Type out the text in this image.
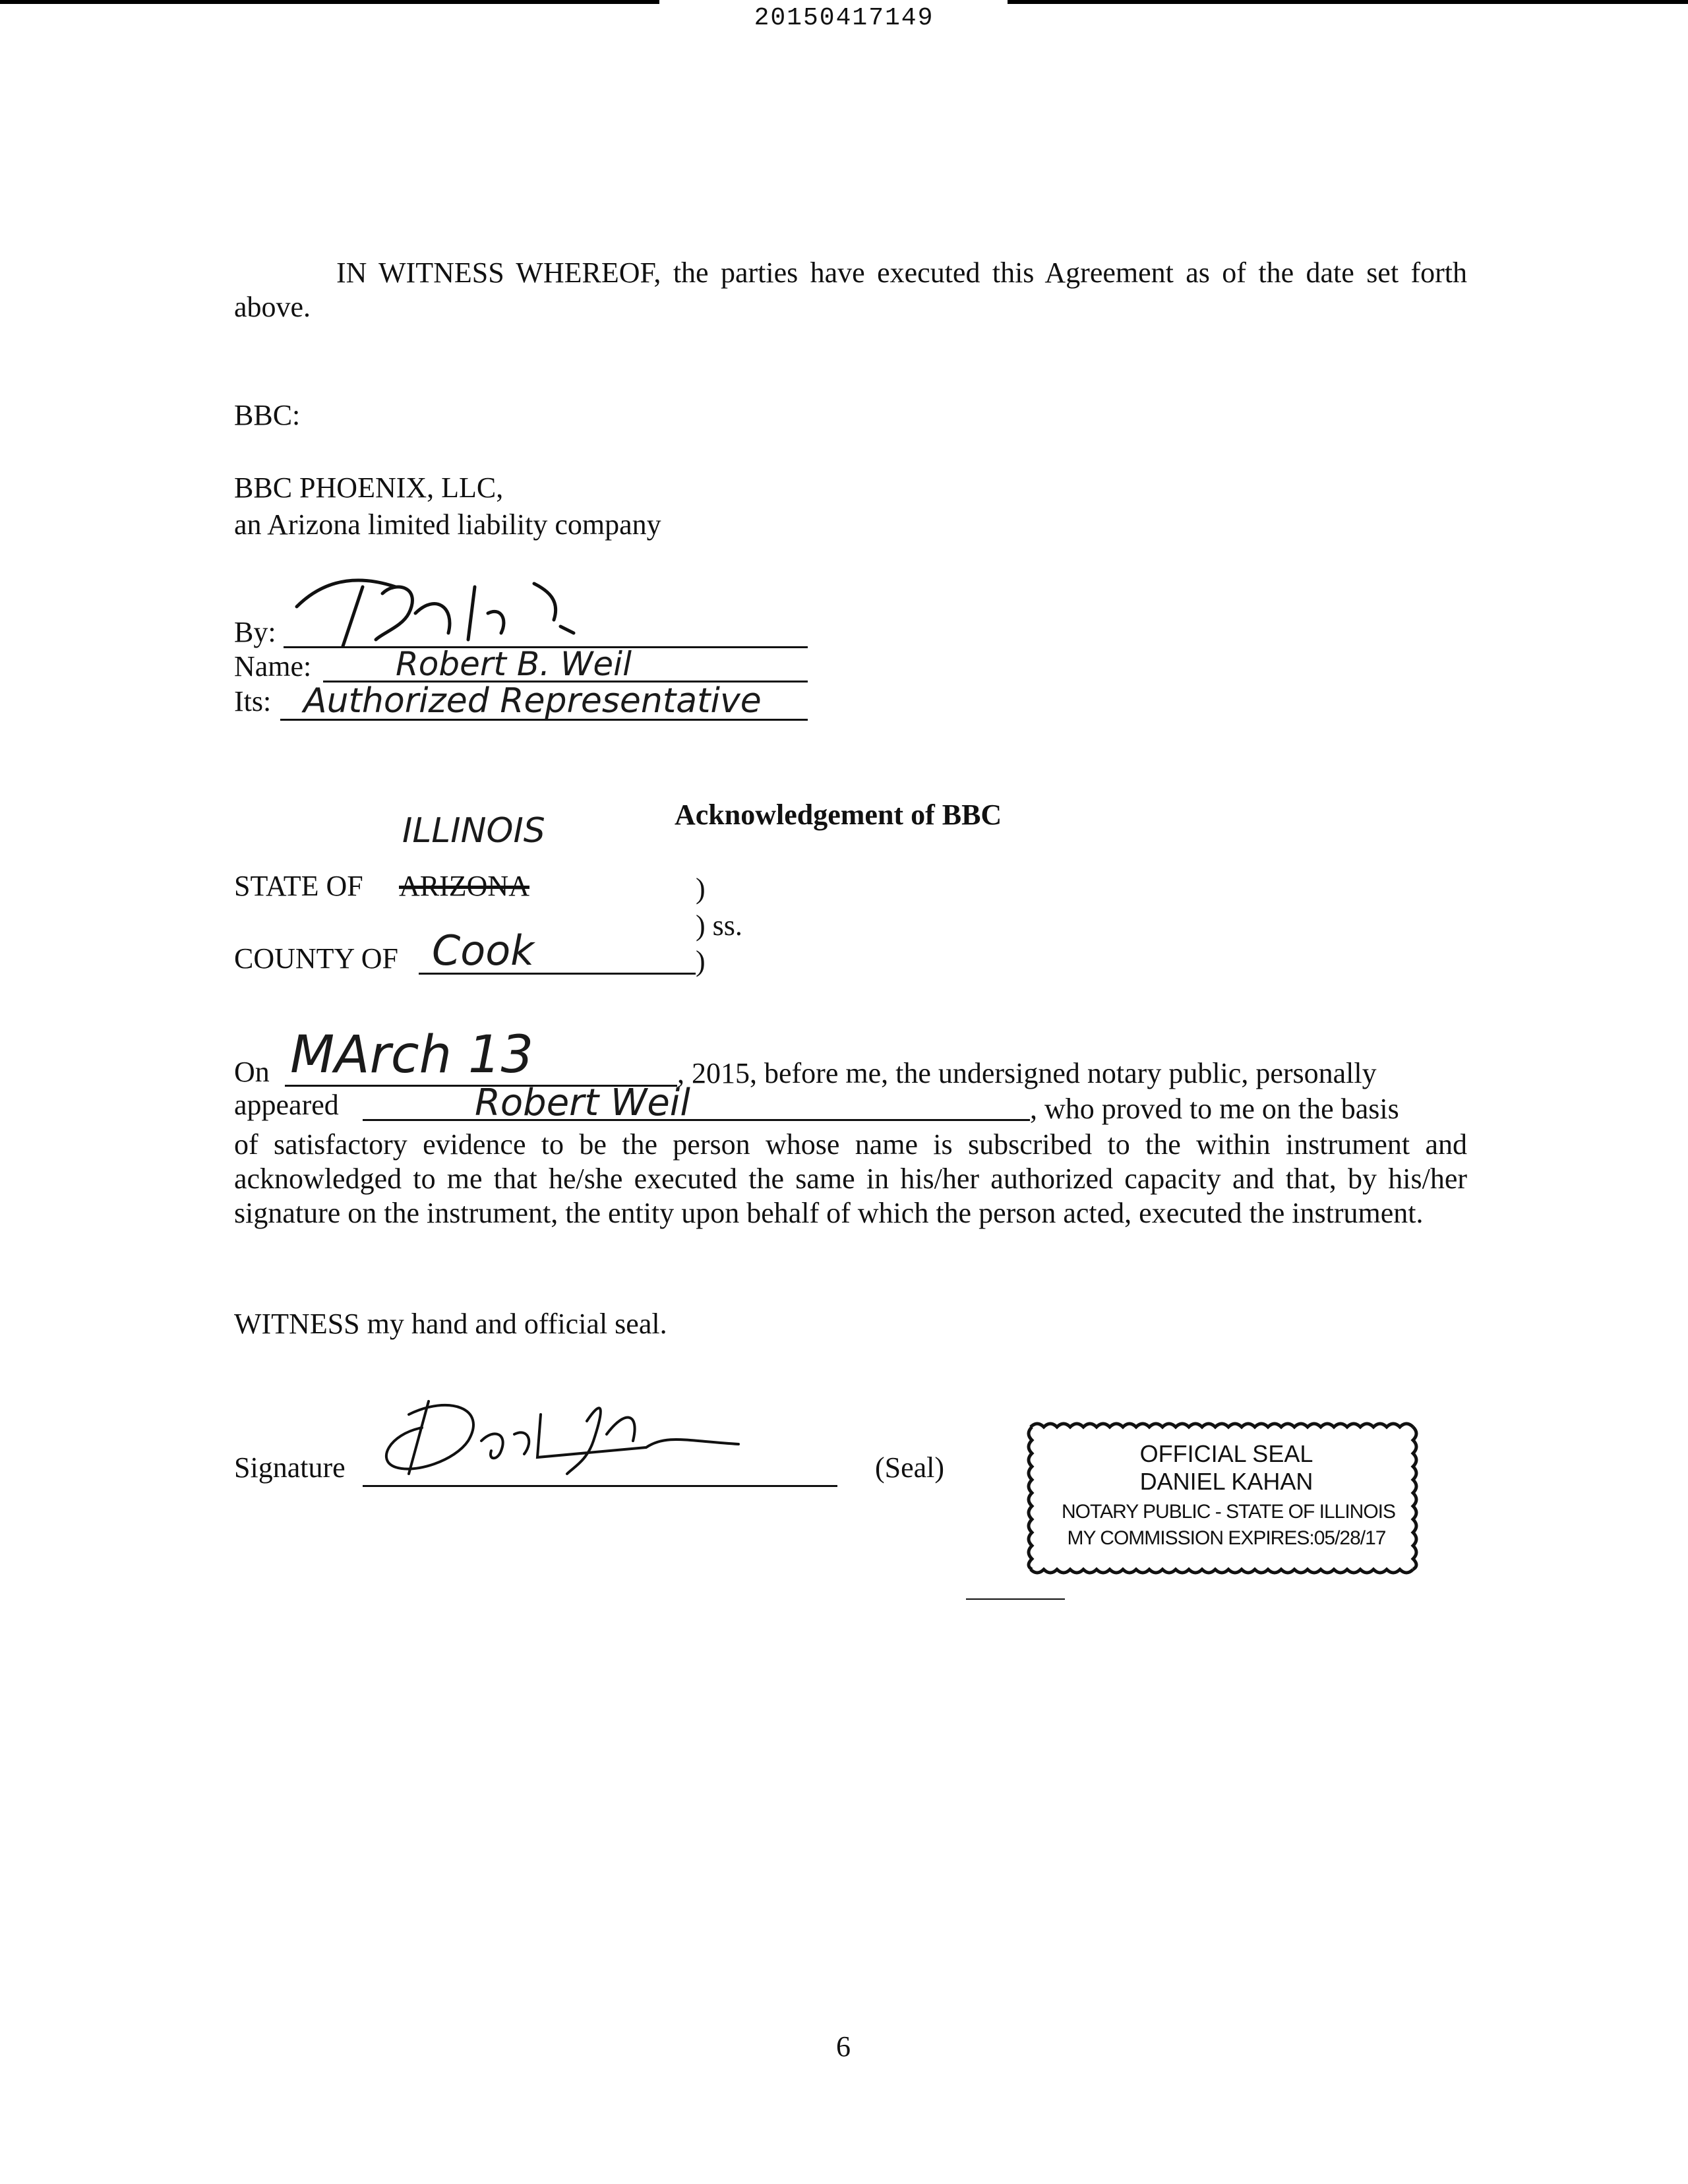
20150417149
IN WITNESS WHEREOF, the parties have executed this Agreement as of the date set forth above.
BBC:
BBC PHOENIX, LLC,
an Arizona limited liability company
By:
Name:	Robert B. Weil
Its: Authorized Representative
Acknowledgement of BBC
ILLINOIS
STATE OF ARIZONA	)
) ss.
COUNTY OF Cook	)
On MArch 13	, 2015, before me, the undersigned notary public, personally
appeared	Robert Weil	, who proved to me on the basis
of satisfactory evidence to be the person whose name is subscribed to the within instrument and acknowledged to me that he/she executed the same in his/her authorized capacity and that, by his/her signature on the instrument, the entity upon behalf of which the person acted, executed the instrument.
WITNESS my hand and official seal.
Signature	(Seal)	OFFICIAL SEAL
DANIEL KAHAN
NOTARY PUBLIC - STATE OF ILLINOIS
MY COMMISSION EXPIRES:05/28/17
6
